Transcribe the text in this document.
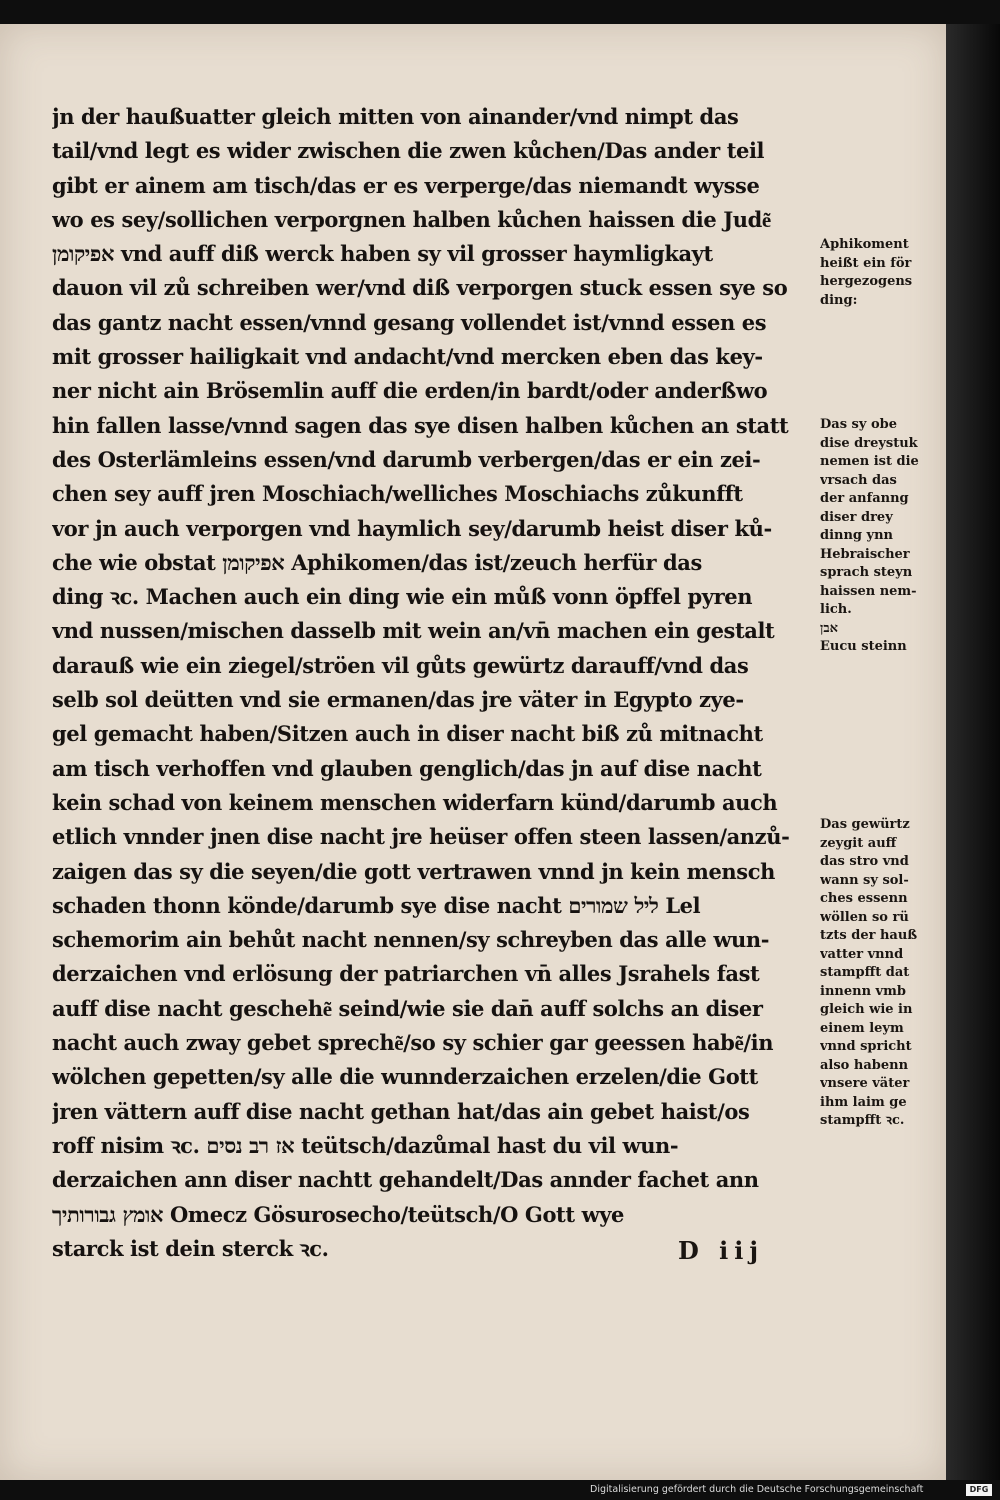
jn der haußuatter gleich mitten von ainander/vnd nimpt das
tail/vnd legt es wider zwischen die zwen kůchen/Das ander teil
gibt er ainem am tisch/das er es verperge/das niemandt wysse
wo es sey/sollichen verporgnen halben kůchen haissen die Jude͂
אפיקומן vnd auff diß werck haben sy vil grosser haymligkayt
dauon vil zů schreiben wer/vnd diß verporgen stuck essen sye so
das gantz nacht essen/vnnd gesang vollendet ist/vnnd essen es
mit grosser hailigkait vnd andacht/vnd mercken eben das key-
ner nicht ain Brösemlin auff die erden/in bardt/oder anderßwo
hin fallen lasse/vnnd sagen das sye disen halben kůchen an statt
des Osterlämleins essen/vnd darumb verbergen/das er ein zei-
chen sey auff jren Moschiach/welliches Moschiachs zůkunfft
vor jn auch verporgen vnd haymlich sey/darumb heist diser ků-
che wie obstat אפיקומן Aphikomen/das ist/zeuch herfür das
ding ꝛc. Machen auch ein ding wie ein můß vonn öpffel pyren
vnd nussen/mischen dasselb mit wein an/vn̄ machen ein gestalt
darauß wie ein ziegel/ströen vil gůts gewürtz darauff/vnd das
selb sol deütten vnd sie ermanen/das jre väter in Egypto zye-
gel gemacht haben/Sitzen auch in diser nacht biß zů mitnacht
am tisch verhoffen vnd glauben genglich/das jn auf dise nacht
kein schad von keinem menschen widerfarn künd/darumb auch
etlich vnnder jnen dise nacht jre heüser offen steen lassen/anzů-
zaigen das sy die seyen/die gott vertrawen vnnd jn kein mensch
schaden thonn könde/darumb sye dise nacht ליל שמורים Lel
schemorim ain behůt nacht nennen/sy schreyben das alle wun-
derzaichen vnd erlösung der patriarchen vn̄ alles Jsrahels fast
auff dise nacht geschehe͂ seind/wie sie dan̄ auff solchs an diser
nacht auch zway gebet spreche͂/so sy schier gar geessen habe͂/in
wölchen gepetten/sy alle die wunnderzaichen erzelen/die Gott
jren vättern auff dise nacht gethan hat/das ain gebet haist/os
roff nisim ꝛc. אז רב נסים teütsch/dazůmal hast du vil wun-
derzaichen ann diser nachtt gehandelt/Das annder fachet ann
אומץ גבורותיך Omecz Gösurosecho/teütsch/O Gott wye
starck ist dein sterck ꝛc.
Aphikoment
heißt ein för
hergezogens
ding:
Das sy obe
dise dreystuk
nemen ist die
vrsach das
der anfanng
diser drey
dinng ynn
Hebraischer
sprach steyn
haissen nem-
lich.
אבן
Eucu steinn
Das gewürtz
zeygit auff
das stro vnd
wann sy sol-
ches essenn
wöllen so rü
tzts der hauß
vatter vnnd
stampfft dat
innenn vmb
gleich wie in
einem leym
vnnd spricht
also habenn
vnsere väter
ihm laim ge
stampfft ꝛc.
D iij
Digitalisierung gefördert durch die Deutsche Forschungsgemeinschaft	DFG
